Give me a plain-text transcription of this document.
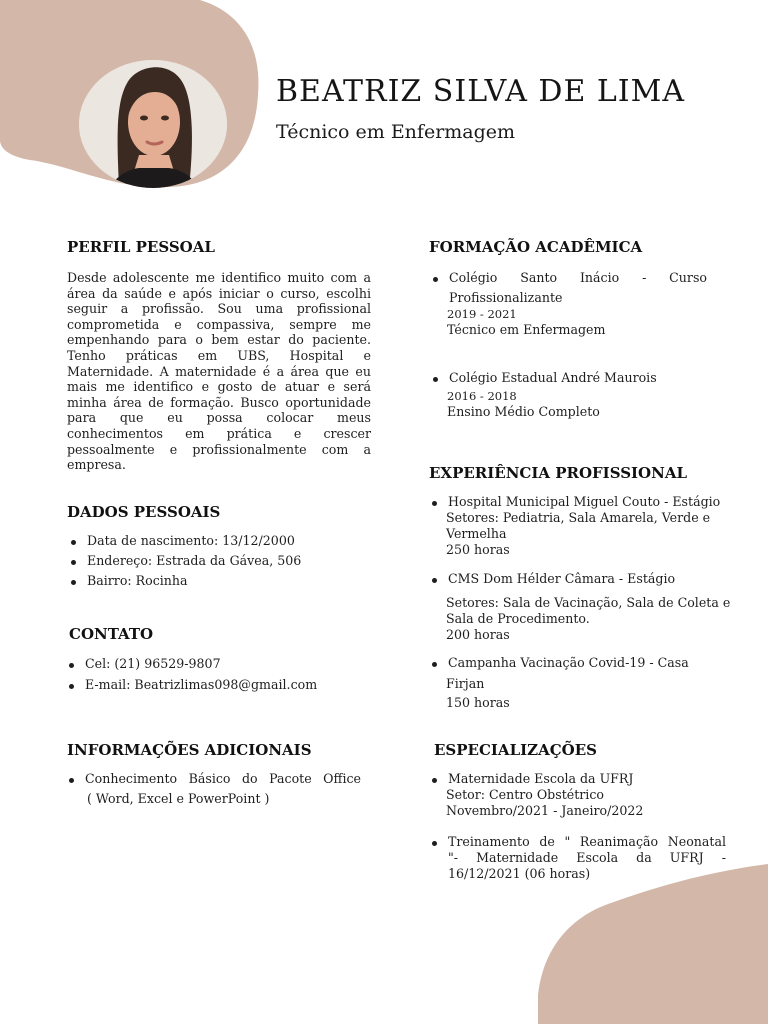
BEATRIZ SILVA DE LIMA
Técnico em Enfermagem
PERFIL PESSOAL

Desde adolescente me identifico muito com a área da saúde e após iniciar o curso, escolhi seguir a profissão. Sou uma profissional comprometida e compassiva, sempre me empenhando para o bem estar do paciente. Tenho práticas em UBS, Hospital e Maternidade. A maternidade é a área que eu mais me identifico e gosto de atuar e será minha área de formação. Busco oportunidade para que eu possa colocar meus conhecimentos em prática e crescer pessoalmente e profissionalmente com a empresa.

DADOS PESSOAIS
Data de nascimento: 13/12/2000
Endereço: Estrada da Gávea, 506
Bairro: Rocinha
CONTATO
Cel: (21) 96529-9807
E-mail: Beatrizlimas098@gmail.com
INFORMAÇÕES ADICIONAIS
Conhecimento Básico do Pacote Office
( Word, Excel e PowerPoint )
FORMAÇÃO ACADÊMICA
Colégio Santo Inácio - Curso
Profissionalizante
2019 - 2021
Técnico em Enfermagem
Colégio Estadual André Maurois
2016 - 2018
Ensino Médio Completo
EXPERIÊNCIA PROFISSIONAL
Hospital Municipal Miguel Couto - Estágio
Setores: Pediatria, Sala Amarela, Verde e Vermelha
250 horas
CMS Dom Hélder Câmara - Estágio
Setores: Sala de Vacinação, Sala de Coleta e Sala de Procedimento.
200 horas
Campanha Vacinação Covid-19 - Casa
Firjan
150 horas
ESPECIALIZAÇÕES
Maternidade Escola da UFRJ
Setor: Centro Obstétrico
Novembro/2021 - Janeiro/2022
Treinamento de " Reanimação Neonatal
"- Maternidade Escola da UFRJ -
16/12/2021 (06 horas)
